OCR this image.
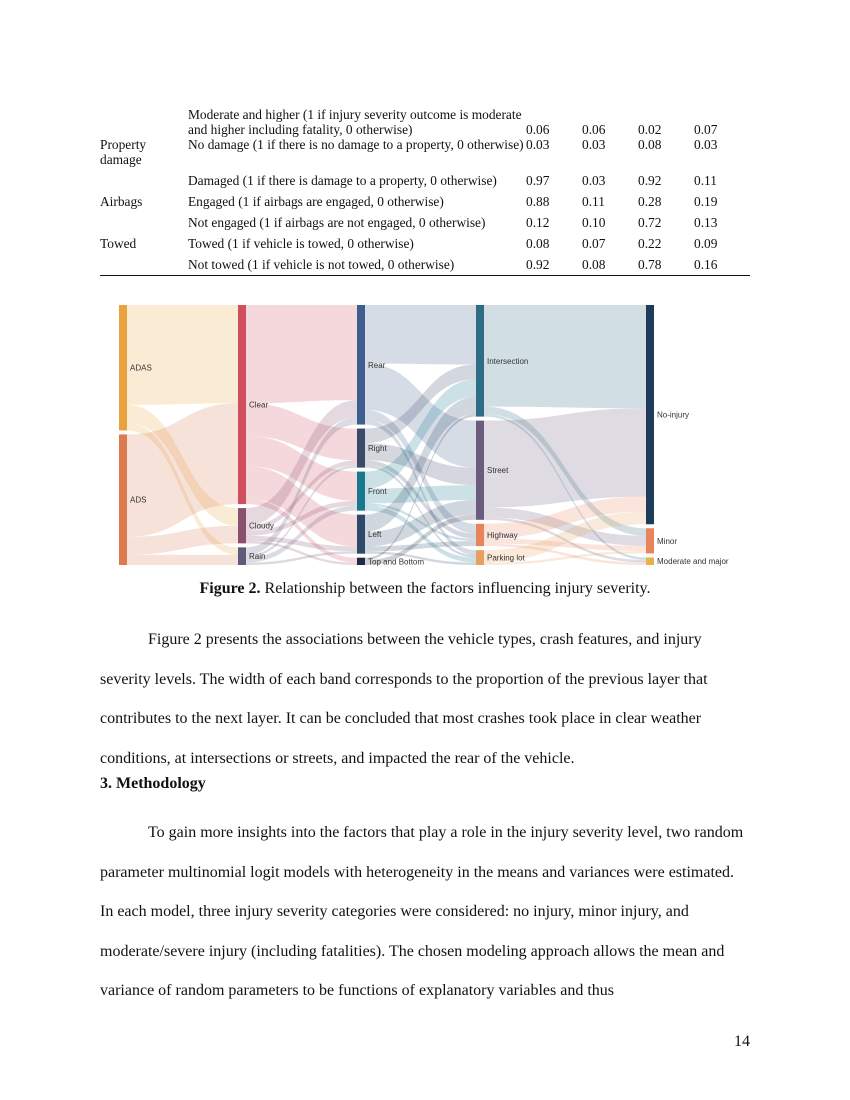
	Moderate and higher (1 if injury severity outcome is moderate and higher including fatality, 0 otherwise)	0.06	0.06	0.02	0.07
Property damage	No damage (1 if there is no damage to a property, 0 otherwise)	0.03	0.03	0.08	0.03
	Damaged (1 if there is damage to a property, 0 otherwise)	0.97	0.03	0.92	0.11
Airbags	Engaged (1 if airbags are engaged, 0 otherwise)	0.88	0.11	0.28	0.19
	Not engaged (1 if airbags are not engaged, 0 otherwise)	0.12	0.10	0.72	0.13
Towed	Towed (1 if vehicle is towed, 0 otherwise)	0.08	0.07	0.22	0.09
	Not towed (1 if vehicle is not towed, 0 otherwise)	0.92	0.08	0.78	0.16
ADAS
ADS
Clear
Cloudy
Rain
Rear
Right
Front
Left
Top and Bottom
Intersection
Street
Highway
Parking lot
No-injury
Minor
Moderate and major
Figure 2. Relationship between the factors influencing injury severity.
Figure 2 presents the associations between the vehicle types, crash features, and injury severity levels. The width of each band corresponds to the proportion of the previous layer that contributes to the next layer. It can be concluded that most crashes took place in clear weather conditions, at intersections or streets, and impacted the rear of the vehicle.
3. Methodology
To gain more insights into the factors that play a role in the injury severity level, two random parameter multinomial logit models with heterogeneity in the means and variances were estimated. In each model, three injury severity categories were considered: no injury, minor injury, and moderate/severe injury (including fatalities). The chosen modeling approach allows the mean and variance of random parameters to be functions of explanatory variables and thus
14
